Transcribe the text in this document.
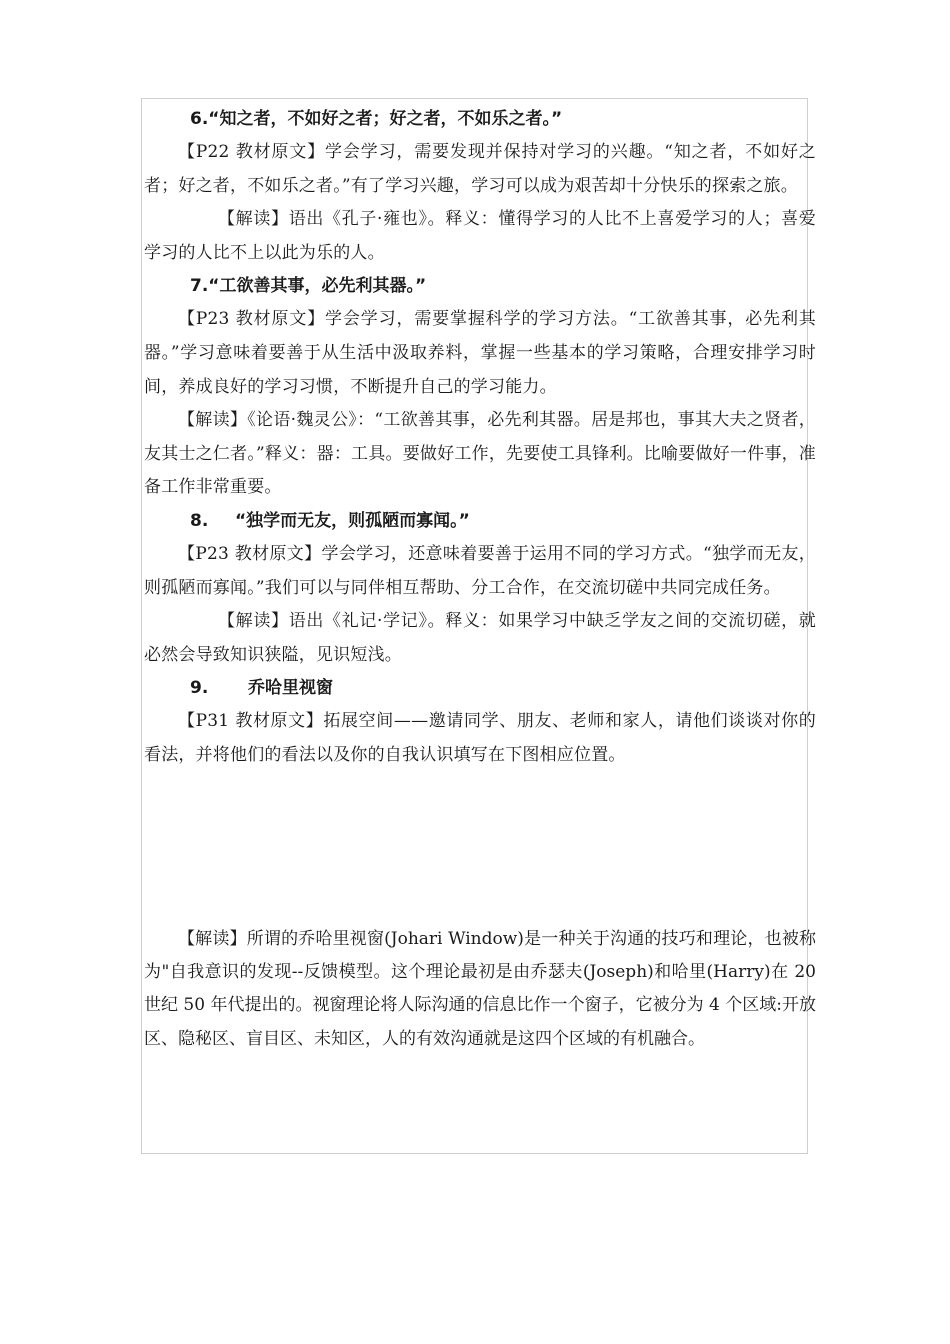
6.“知之者，不如好之者；好之者，不如乐之者。”

【P22 教材原文】学会学习，需要发现并保持对学习的兴趣。“知之者，不如好之者；好之者，不如乐之者。”有了学习兴趣，学习可以成为艰苦却十分快乐的探索之旅。

【解读】语出《孔子·雍也》。释义：懂得学习的人比不上喜爱学习的人；喜爱学习的人比不上以此为乐的人。

7.“工欲善其事，必先利其器。”

【P23 教材原文】学会学习，需要掌握科学的学习方法。“工欲善其事，必先利其器。”学习意味着要善于从生活中汲取养料，掌握一些基本的学习策略，合理安排学习时间，养成良好的学习习惯，不断提升自己的学习能力。

【解读】《论语·魏灵公》：“工欲善其事，必先利其器。居是邦也，事其大夫之贤者，友其士之仁者。”释义：器：工具。要做好工作，先要使工具锋利。比喻要做好一件事，准备工作非常重要。

8. “独学而无友，则孤陋而寡闻。”

【P23 教材原文】学会学习，还意味着要善于运用不同的学习方式。“独学而无友，则孤陋而寡闻。”我们可以与同伴相互帮助、分工合作，在交流切磋中共同完成任务。

【解读】语出《礼记·学记》。释义：如果学习中缺乏学友之间的交流切磋，就必然会导致知识狭隘，见识短浅。

9. 乔哈里视窗

【P31 教材原文】拓展空间——邀请同学、朋友、老师和家人，请他们谈谈对你的看法，并将他们的看法以及你的自我认识填写在下图相应位置。

【解读】所谓的乔哈里视窗(Johari Window)是一种关于沟通的技巧和理论，也被称为"自我意识的发现--反馈模型。这个理论最初是由乔瑟夫(Joseph)和哈里(Harry)在 20 世纪 50 年代提出的。视窗理论将人际沟通的信息比作一个窗子，它被分为 4 个区域:开放区、隐秘区、盲目区、未知区，人的有效沟通就是这四个区域的有机融合。
